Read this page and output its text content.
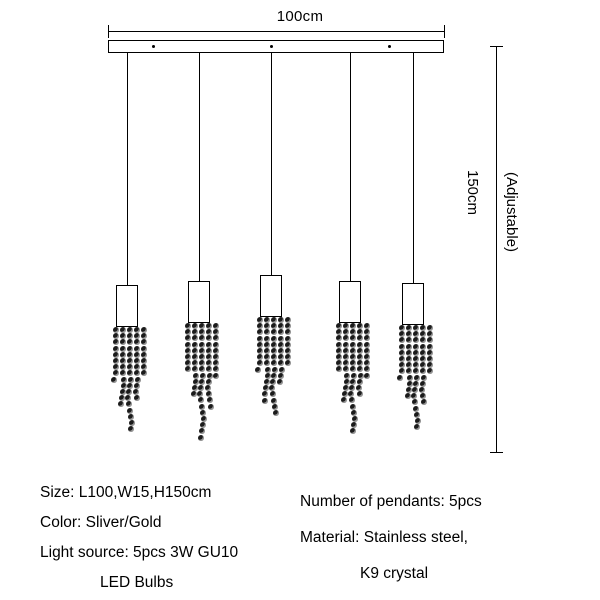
100cm
150cm	(Adjustable)
Size: L100,W15,H150cm
Color: Sliver/Gold
Light source: 5pcs 3W GU10
LED Bulbs
Number of pendants: 5pcs
Material: Stainless steel,
K9 crystal
